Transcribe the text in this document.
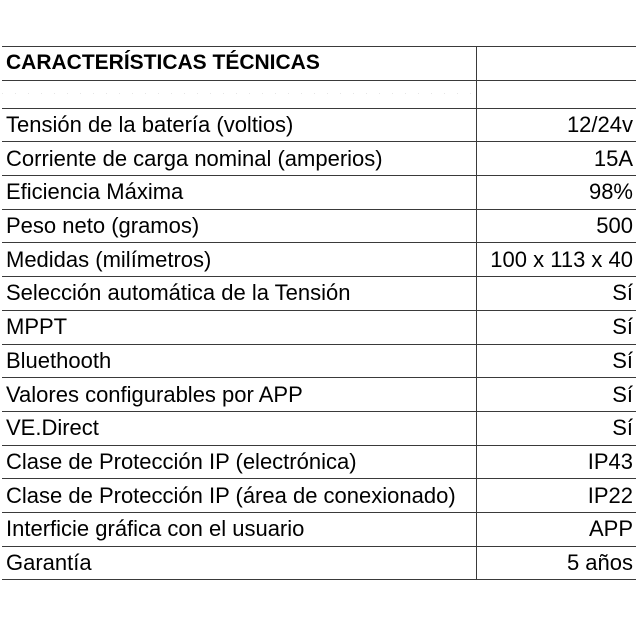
CARACTERÍSTICAS TÉCNICAS	

Tensión de la batería (voltios)	12/24v
Corriente de carga nominal (amperios)	15A
Eficiencia Máxima	98%
Peso neto (gramos)	500
Medidas (milímetros)	100 x 113 x 40
Selección automática de la Tensión	Sí
MPPT	Sí
Bluethooth	Sí
Valores configurables por APP	Sí
VE.Direct	Sí
Clase de Protección IP (electrónica)	IP43
Clase de Protección IP (área de conexionado)	IP22
Interficie gráfica con el usuario	APP
Garantía	5 años
